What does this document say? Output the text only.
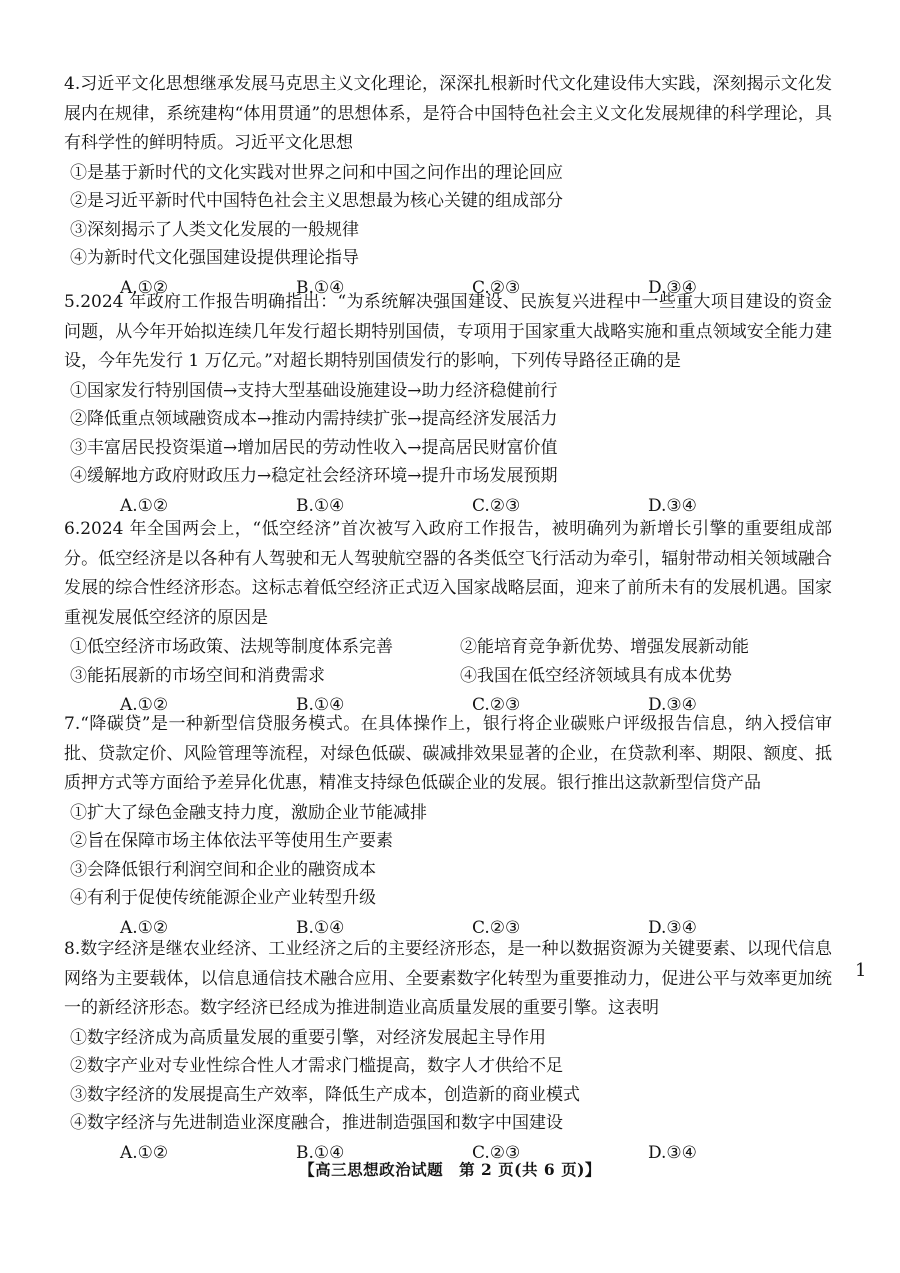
4.习近平文化思想继承发展马克思主义文化理论，深深扎根新时代文化建设伟大实践，深刻揭示文化发展内在规律，系统建构“体用贯通”的思想体系，是符合中国特色社会主义文化发展规律的科学理论，具有科学性的鲜明特质。习近平文化思想

①是基于新时代的文化实践对世界之问和中国之问作出的理论回应

②是习近平新时代中国特色社会主义思想最为核心关键的组成部分

③深刻揭示了人类文化发展的一般规律

④为新时代文化强国建设提供理论指导

A.①②	B.①④	C.②③	D.③④

5.2024 年政府工作报告明确指出：“为系统解决强国建设、民族复兴进程中一些重大项目建设的资金问题，从今年开始拟连续几年发行超长期特别国债，专项用于国家重大战略实施和重点领域安全能力建设，今年先发行 1 万亿元。”对超长期特别国债发行的影响，下列传导路径正确的是

①国家发行特别国债→支持大型基础设施建设→助力经济稳健前行

②降低重点领域融资成本→推动内需持续扩张→提高经济发展活力

③丰富居民投资渠道→增加居民的劳动性收入→提高居民财富价值

④缓解地方政府财政压力→稳定社会经济环境→提升市场发展预期

A.①②	B.①④	C.②③	D.③④

6.2024 年全国两会上，“低空经济”首次被写入政府工作报告，被明确列为新增长引擎的重要组成部分。低空经济是以各种有人驾驶和无人驾驶航空器的各类低空飞行活动为牵引，辐射带动相关领域融合发展的综合性经济形态。这标志着低空经济正式迈入国家战略层面，迎来了前所未有的发展机遇。国家重视发展低空经济的原因是

①低空经济市场政策、法规等制度体系完善	②能培育竞争新优势、增强发展新动能

③能拓展新的市场空间和消费需求	④我国在低空经济领域具有成本优势

A.①②	B.①④	C.②③	D.③④

7.“降碳贷”是一种新型信贷服务模式。在具体操作上，银行将企业碳账户评级报告信息，纳入授信审批、贷款定价、风险管理等流程，对绿色低碳、碳减排效果显著的企业，在贷款利率、期限、额度、抵质押方式等方面给予差异化优惠，精准支持绿色低碳企业的发展。银行推出这款新型信贷产品

①扩大了绿色金融支持力度，激励企业节能减排

②旨在保障市场主体依法平等使用生产要素

③会降低银行利润空间和企业的融资成本

④有利于促使传统能源企业产业转型升级

A.①②	B.①④	C.②③	D.③④

8.数字经济是继农业经济、工业经济之后的主要经济形态，是一种以数据资源为关键要素、以现代信息网络为主要载体，以信息通信技术融合应用、全要素数字化转型为重要推动力，促进公平与效率更加统一的新经济形态。数字经济已经成为推进制造业高质量发展的重要引擎。这表明

①数字经济成为高质量发展的重要引擎，对经济发展起主导作用

②数字产业对专业性综合性人才需求门槛提高，数字人才供给不足

③数字经济的发展提高生产效率，降低生产成本，创造新的商业模式

④数字经济与先进制造业深度融合，推进制造强国和数字中国建设

A.①②	B.①④	C.②③	D.③④
1
【高三思想政治试题　第 2 页(共 6 页)】
